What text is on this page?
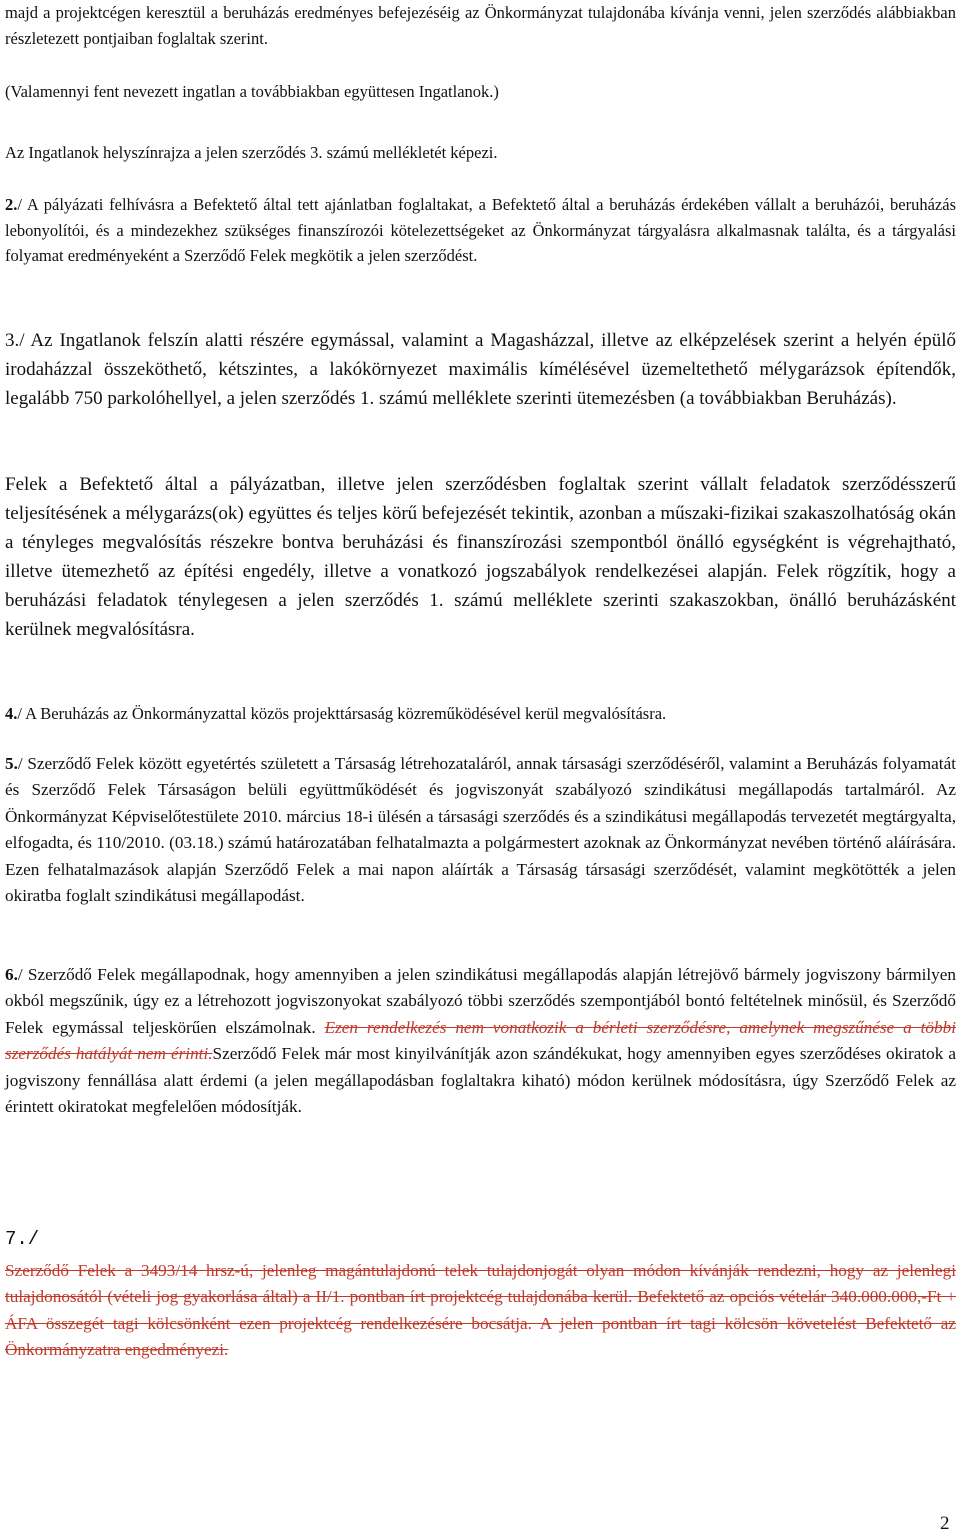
majd a projektcégen keresztül a beruházás eredményes befejezéséig az Önkormányzat tulajdonába kívánja venni, jelen szerződés alábbiakban részletezett pontjaiban foglaltak szerint.

(Valamennyi fent nevezett ingatlan a továbbiakban együttesen Ingatlanok.)

Az Ingatlanok helyszínrajza a jelen szerződés 3. számú mellékletét képezi.

2./ A pályázati felhívásra a Befektető által tett ajánlatban foglaltakat, a Befektető által a beruházás érdekében vállalt a beruházói, beruházás lebonyolítói, és a mindezekhez szükséges finanszírozói kötelezettségeket az Önkormányzat tárgyalásra alkalmasnak találta, és a tárgyalási folyamat eredményeként a Szerződő Felek megkötik a jelen szerződést.

3./ Az Ingatlanok felszín alatti részére egymással, valamint a Magasházzal, illetve az elképzelések szerint a helyén épülő irodaházzal összeköthető, kétszintes, a lakókörnyezet maximális kímélésével üzemeltethető mélygarázsok építendők, legalább 750 parkolóhellyel, a jelen szerződés 1. számú melléklete szerinti ütemezésben (a továbbiakban Beruházás).

Felek a Befektető által a pályázatban, illetve jelen szerződésben foglaltak szerint vállalt feladatok szerződésszerű teljesítésének a mélygarázs(ok) együttes és teljes körű befejezését tekintik, azonban a műszaki-fizikai szakaszolhatóság okán a tényleges megvalósítás részekre bontva beruházási és finanszírozási szempontból önálló egységként is végrehajtható, illetve ütemezhető az építési engedély, illetve a vonatkozó jogszabályok rendelkezései alapján. Felek rögzítik, hogy a beruházási feladatok ténylegesen a jelen szerződés 1. számú melléklete szerinti szakaszokban, önálló beruházásként kerülnek megvalósításra.

4./ A Beruházás az Önkormányzattal közös projekttársaság közreműködésével kerül megvalósításra.

5./ Szerződő Felek között egyetértés született a Társaság létrehozataláról, annak társasági szerződéséről, valamint a Beruházás folyamatát és Szerződő Felek Társaságon belüli együttműködését és jogviszonyát szabályozó szindikátusi megállapodás tartalmáról. Az Önkormányzat Képviselőtestülete 2010. március 18-i ülésén a társasági szerződés és a szindikátusi megállapodás tervezetét megtárgyalta, elfogadta, és 110/2010. (03.18.) számú határozatában felhatalmazta a polgármestert azoknak az Önkormányzat nevében történő aláírására. Ezen felhatalmazások alapján Szerződő Felek a mai napon aláírták a Társaság társasági szerződését, valamint megkötötték a jelen okiratba foglalt szindikátusi megállapodást.

6./ Szerződő Felek megállapodnak, hogy amennyiben a jelen szindikátusi megállapodás alapján létrejövő bármely jogviszony bármilyen okból megszűnik, úgy ez a létrehozott jogviszonyokat szabályozó többi szerződés szempontjából bontó feltételnek minősül, és Szerződő Felek egymással teljeskörűen elszámolnak. Ezen rendelkezés nem vonatkozik a bérleti szerződésre, amelynek megszűnése a többi szerződés hatályát nem érinti.Szerződő Felek már most kinyilvánítják azon szándékukat, hogy amennyiben egyes szerződéses okiratok a jogviszony fennállása alatt érdemi (a jelen megállapodásban foglaltakra kiható) módon kerülnek módosításra, úgy Szerződő Felek az érintett okiratokat megfelelően módosítják.

7./

Szerződő Felek a 3493/14 hrsz-ú, jelenleg magántulajdonú telek tulajdonjogát olyan módon kívánják rendezni, hogy az jelenlegi tulajdonosától (vételi jog gyakorlása által) a II/1. pontban írt projektcég tulajdonába kerül. Befektető az opciós vételár 340.000.000,-Ft + ÁFA összegét tagi kölcsönként ezen projektcég rendelkezésére bocsátja. A jelen pontban írt tagi kölcsön követelést Befektető az Önkormányzatra engedményezi.

2
